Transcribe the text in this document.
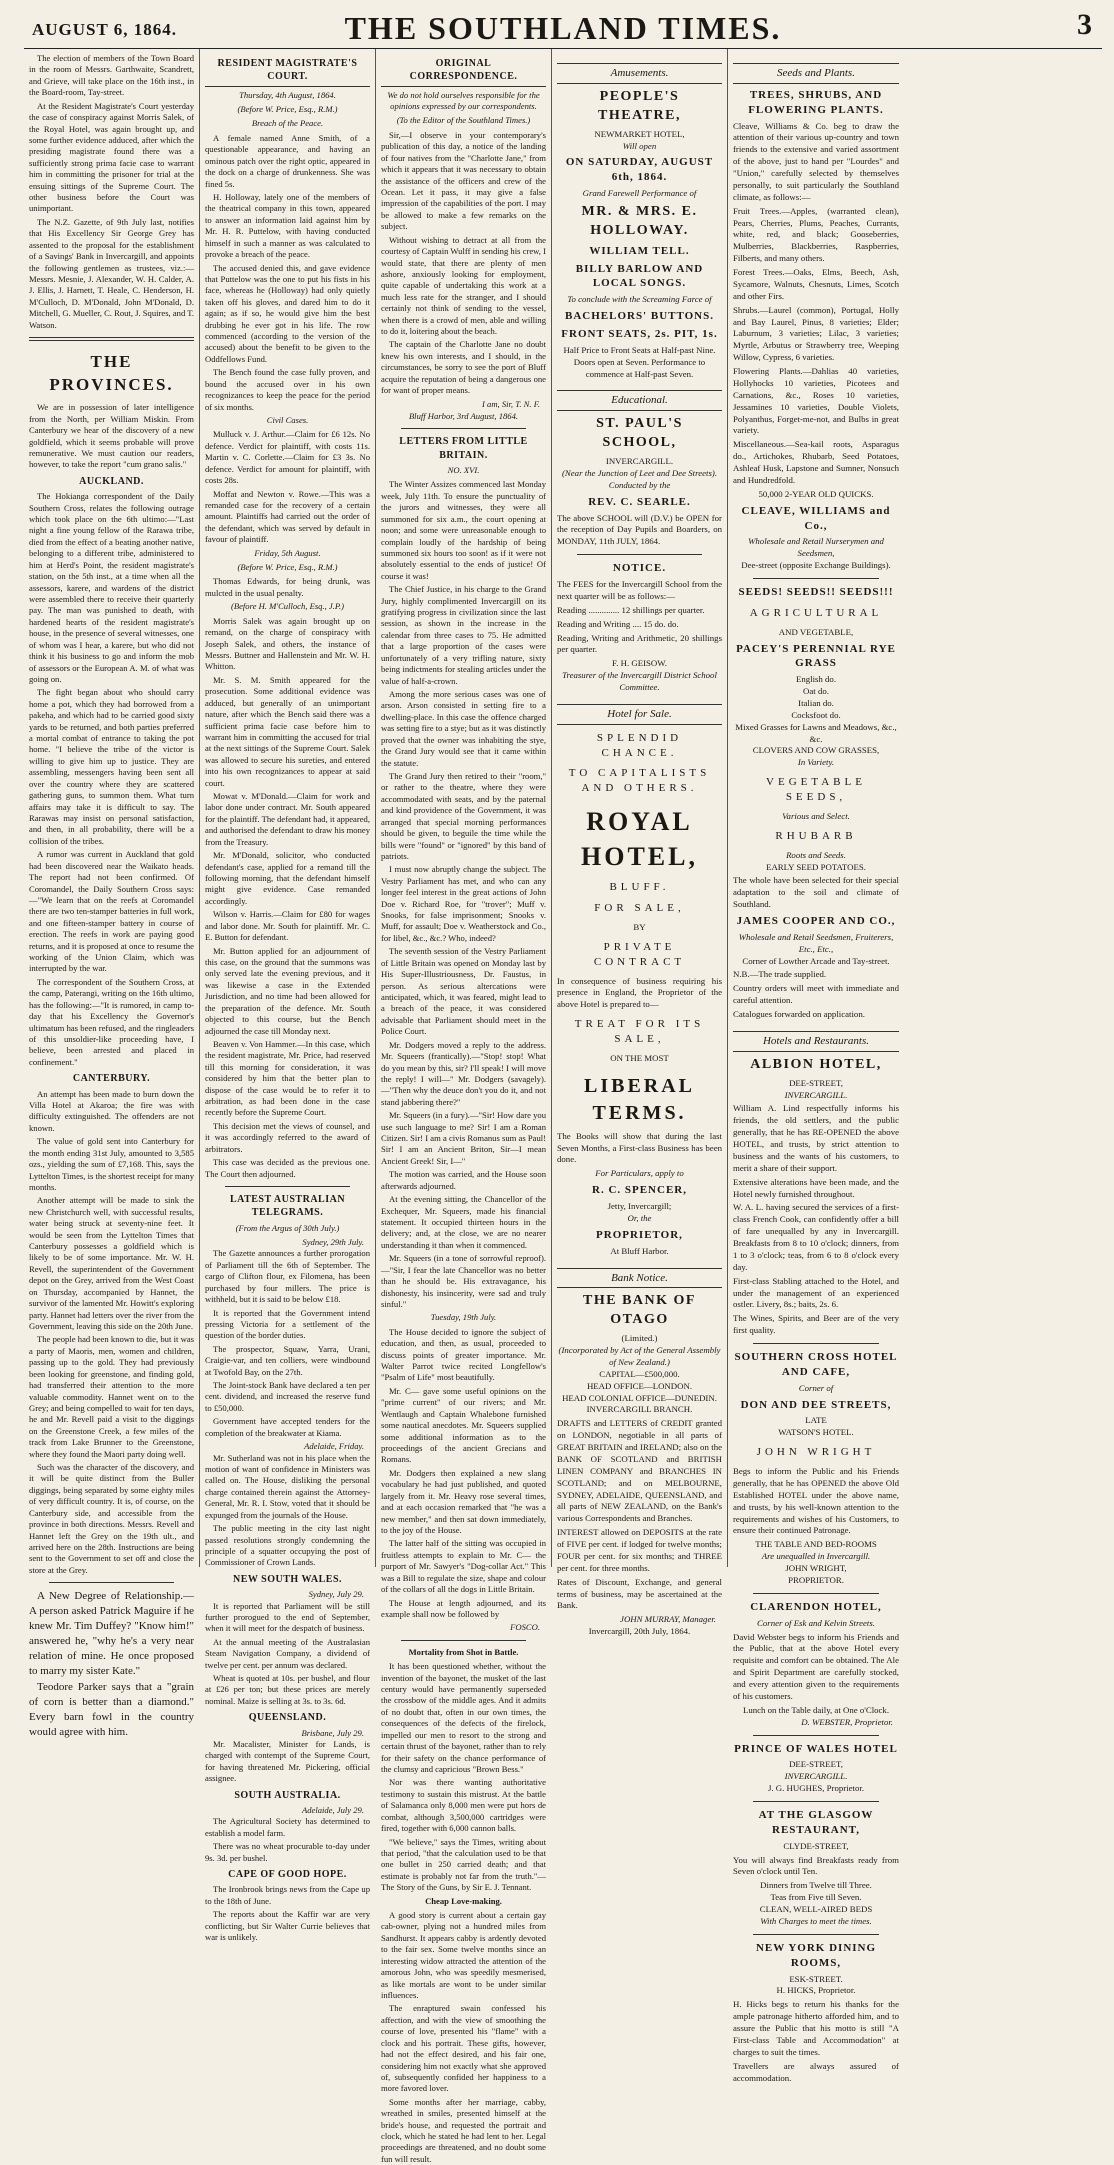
AUGUST 6, 1864.	THE SOUTHLAND TIMES.	3

The election of members of the Town Board in the room of Messrs. Garthwaite, Scandrett, and Grieve, will take place on the 16th inst., in the Board-room, Tay-street.

At the Resident Magistrate's Court yesterday the case of conspiracy against Morris Salek, of the Royal Hotel, was again brought up, and some further evidence adduced, after which the presiding magistrate found there was a sufficiently strong prima facie case to warrant him in committing the prisoner for trial at the ensuing sittings of the Supreme Court. The other business before the Court was unimportant.

The N.Z. Gazette, of 9th July last, notifies that His Excellency Sir George Grey has assented to the proposal for the establishment of a Savings' Bank in Invercargill, and appoints the following gentlemen as trustees, viz.:—Messrs. Mesnie, J. Alexander, W. H. Calder, A. J. Ellis, J. Harnett, T. Heale, C. Henderson, H. M'Culloch, D. M'Donald, John M'Donald, D. Mitchell, G. Mueller, C. Rout, J. Squires, and T. Watson.

THE PROVINCES.

We are in possession of later intelligence from the North, per William Miskin. From Canterbury we hear of the discovery of a new goldfield, which it seems probable will prove remunerative. We must caution our readers, however, to take the report "cum grano salis."

AUCKLAND.

The Hokianga correspondent of the Daily Southern Cross, relates the following outrage which took place on the 6th ultimo:—"Last night a fine young fellow of the Rarawa tribe, died from the effect of a beating another native, belonging to a different tribe, administered to him at Herd's Point, the resident magistrate's station, on the 5th inst., at a time when all the assessors, karere, and wardens of the district were assembled there to receive their quarterly pay. The man was punished to death, with hardened hearts of the resident magistrate's house, in the presence of several witnesses, one of whom was I hear, a karere, but who did not think it his business to go and inform the mob of assessors or the European A. M. of what was going on.

The fight began about who should carry home a pot, which they had borrowed from a pakeha, and which had to be carried good sixty yards to be returned, and both parties preferred a mortal combat of entrance to taking the pot home. "I believe the tribe of the victor is willing to give him up to justice. They are assembling, messengers having been sent all over the country where they are scattered gathering guns, to summon them. What turn affairs may take it is difficult to say. The Rarawas may insist on personal satisfaction, and then, in all probability, there will be a collision of the tribes.

A rumor was current in Auckland that gold had been discovered near the Waikato heads. The report had not been confirmed. Of Coromandel, the Daily Southern Cross says:—"We learn that on the reefs at Coromandel there are two ten-stamper batteries in full work, and one fifteen-stamper battery in course of erection. The reefs in work are paying good returns, and it is proposed at once to resume the working of the Union Claim, which was interrupted by the war.

The correspondent of the Southern Cross, at the camp, Paterangi, writing on the 16th ultimo, has the following:—"It is rumored, in camp to-day that his Excellency the Governor's ultimatum has been refused, and the ringleaders of this unsoldier-like proceeding have, I believe, been arrested and placed in confinement."

CANTERBURY.

An attempt has been made to burn down the Villa Hotel at Akaroa; the fire was with difficulty extinguished. The offenders are not known.

The value of gold sent into Canterbury for the month ending 31st July, amounted to 3,585 ozs., yielding the sum of £7,168. This, says the Lyttelton Times, is the shortest receipt for many months.

Another attempt will be made to sink the new Christchurch well, with successful results, water being struck at seventy-nine feet. It would be seen from the Lyttelton Times that Canterbury possesses a goldfield which is likely to be of some importance. Mr. W. H. Revell, the superintendent of the Government depot on the Grey, arrived from the West Coast on Thursday, accompanied by Hannet, the survivor of the lamented Mr. Howitt's exploring party. Hannet had letters over the river from the Government, leaving this side on the 20th June.

The people had been known to die, but it was a party of Maoris, men, women and children, passing up to the gold. They had previously been looking for greenstone, and finding gold, had transferred their attention to the more valuable commodity. Hannet went on to the Grey; and being compelled to wait for ten days, he and Mr. Revell paid a visit to the diggings on the Greenstone Creek, a few miles of the track from Lake Brunner to the Greenstone, where they found the Maori party doing well.

Such was the character of the discovery, and it will be quite distinct from the Buller diggings, being separated by some eighty miles of very difficult country. It is, of course, on the Canterbury side, and accessible from the province in both directions. Messrs. Revell and Hannet left the Grey on the 19th ult., and arrived here on the 28th. Instructions are being sent to the Government to set off and close the store at the Grey.

A New Degree of Relationship.—A person asked Patrick Maguire if he knew Mr. Tim Duffey? "Know him!" answered he, "why he's a very near relation of mine. He once proposed to marry my sister Kate."

Teodore Parker says that a "grain of corn is better than a diamond." Every barn fowl in the country would agree with him.

RESIDENT MAGISTRATE'S COURT.
Thursday, 4th August, 1864.
(Before W. Price, Esq., R.M.)
Breach of the Peace.

A female named Anne Smith, of a questionable appearance, and having an ominous patch over the right optic, appeared in the dock on a charge of drunkenness. She was fined 5s.

H. Holloway, lately one of the members of the theatrical company in this town, appeared to answer an information laid against him by Mr. H. R. Puttelow, with having conducted himself in such a manner as was calculated to provoke a breach of the peace.

The accused denied this, and gave evidence that Puttelow was the one to put his fists in his face, whereas he (Holloway) had only quietly taken off his gloves, and dared him to do it again; as if so, he would give him the best drubbing he ever got in his life. The row commenced (according to the version of the accused) about the benefit to be given to the Oddfellows Fund.

The Bench found the case fully proven, and bound the accused over in his own recognizances to keep the peace for the period of six months.

Civil Cases.

Mulluck v. J. Arthur.—Claim for £6 12s. No defence. Verdict for plaintiff, with costs 11s. Martin v. C. Corlette.—Claim for £3 3s. No defence. Verdict for amount for plaintiff, with costs 28s.

Moffat and Newton v. Rowe.—This was a remanded case for the recovery of a certain amount. Plaintiffs had carried out the order of the defendant, which was served by default in favour of plaintiff.

Friday, 5th August.
(Before W. Price, Esq., R.M.)

Thomas Edwards, for being drunk, was mulcted in the usual penalty.

(Before H. M'Culloch, Esq., J.P.)

Morris Salek was again brought up on remand, on the charge of conspiracy with Joseph Salek, and others, the instance of Messrs. Buttner and Hallenstein and Mr. W. H. Whitton.

Mr. S. M. Smith appeared for the prosecution. Some additional evidence was adduced, but generally of an unimportant nature, after which the Bench said there was a sufficient prima facie case before him to warrant him in committing the accused for trial at the next sittings of the Supreme Court. Salek was allowed to secure his sureties, and entered into his own recognizances to appear at said court.

Mowat v. M'Donald.—Claim for work and labor done under contract. Mr. South appeared for the plaintiff. The defendant had, it appeared, and authorised the defendant to draw his money from the Treasury.

Mr. M'Donald, solicitor, who conducted defendant's case, applied for a remand till the following morning, that the defendant himself might give evidence. Case remanded accordingly.

Wilson v. Harris.—Claim for £80 for wages and labor done. Mr. South for plaintiff. Mr. C. E. Button for defendant.

Mr. Button applied for an adjournment of this case, on the ground that the summons was only served late the evening previous, and it was likewise a case in the Extended Jurisdiction, and no time had been allowed for the preparation of the defence. Mr. South objected to this course, but the Bench adjourned the case till Monday next.

Beaven v. Von Hammer.—In this case, which the resident magistrate, Mr. Price, had reserved till this morning for consideration, it was considered by him that the better plan to dispose of the case would be to refer it to arbitration, as had been done in the case recently before the Supreme Court.

This decision met the views of counsel, and it was accordingly referred to the award of arbitrators.

This case was decided as the previous one. The Court then adjourned.

LATEST AUSTRALIAN TELEGRAMS.
(From the Argus of 30th July.)
Sydney, 29th July.

The Gazette announces a further prorogation of Parliament till the 6th of September. The cargo of Clifton flour, ex Filomena, has been purchased by four millers. The price is withheld, but it is said to be below £18.

It is reported that the Government intend pressing Victoria for a settlement of the question of the border duties.

The prospector, Squaw, Yarra, Urani, Craigie-var, and ten colliers, were windbound at Twofold Bay, on the 27th.

The Joint-stock Bank have declared a ten per cent. dividend, and increased the reserve fund to £50,000.

Government have accepted tenders for the completion of the breakwater at Kiama.

Adelaide, Friday.

Mr. Sutherland was not in his place when the motion of want of confidence in Ministers was called on. The House, disliking the personal charge contained therein against the Attorney-General, Mr. R. I. Stow, voted that it should be expunged from the journals of the House.

The public meeting in the city last night passed resolutions strongly condemning the principle of a squatter occupying the post of Commissioner of Crown Lands.

NEW SOUTH WALES.
Sydney, July 29.

It is reported that Parliament will be still further prorogued to the end of September, when it will meet for the despatch of business.

At the annual meeting of the Australasian Steam Navigation Company, a dividend of twelve per cent. per annum was declared.

Wheat is quoted at 10s. per bushel, and flour at £26 per ton; but these prices are merely nominal. Maize is selling at 3s. to 3s. 6d.

QUEENSLAND.
Brisbane, July 29.

Mr. Macalister, Minister for Lands, is charged with contempt of the Supreme Court, for having threatened Mr. Pickering, official assignee.

SOUTH AUSTRALIA.
Adelaide, July 29.

The Agricultural Society has determined to establish a model farm.

There was no wheat procurable to-day under 9s. 3d. per bushel.

CAPE OF GOOD HOPE.

The Ironbrook brings news from the Cape up to the 18th of June.

The reports about the Kaffir war are very conflicting, but Sir Walter Currie believes that war is unlikely.

ORIGINAL CORRESPONDENCE.
We do not hold ourselves responsible for the opinions expressed by our correspondents.
(To the Editor of the Southland Times.)

Sir,—I observe in your contemporary's publication of this day, a notice of the landing of four natives from the "Charlotte Jane," from which it appears that it was necessary to obtain the assistance of the officers and crew of the Ocean. Let it pass, it may give a false impression of the capabilities of the port. I may be allowed to make a few remarks on the subject.

Without wishing to detract at all from the courtesy of Captain Wulff in sending his crew, I would state, that there are plenty of men ashore, anxiously looking for employment, quite capable of undertaking this work at a much less rate for the stranger, and I should certainly not think of sending to the vessel, when there is a crowd of men, able and willing to do it, loitering about the beach.

The captain of the Charlotte Jane no doubt knew his own interests, and I should, in the circumstances, be sorry to see the port of Bluff acquire the reputation of being a dangerous one for want of proper means.

I am, Sir, T. N. F.
Bluff Harbor, 3rd August, 1864.
LETTERS FROM LITTLE BRITAIN.
NO. XVI.

The Winter Assizes commenced last Monday week, July 11th. To ensure the punctuality of the jurors and witnesses, they were all summoned for six a.m., the court opening at noon; and some were unreasonable enough to complain loudly of the hardship of being summoned six hours too soon! as if it were not absolutely essential to the ends of justice! Of course it was!

The Chief Justice, in his charge to the Grand Jury, highly complimented Invercargill on its gratifying progress in civilization since the last session, as shown in the increase in the calendar from three cases to 75. He admitted that a large proportion of the cases were unfortunately of a very trifling nature, sixty being indictments for stealing articles under the value of half-a-crown.

Among the more serious cases was one of arson. Arson consisted in setting fire to a dwelling-place. In this case the offence charged was setting fire to a stye; but as it was distinctly proved that the owner was inhabiting the stye, the Grand Jury would see that it came within the statute.

The Grand Jury then retired to their "room," or rather to the theatre, where they were accommodated with seats, and by the paternal and kind providence of the Government, it was arranged that special morning performances should be given, to beguile the time while the bills were "found" or "ignored" by this band of patriots.

I must now abruptly change the subject. The Vestry Parliament has met, and who can any longer feel interest in the great actions of John Doe v. Richard Roe, for "trover"; Muff v. Snooks, for false imprisonment; Snooks v. Muff, for assault; Doe v. Weatherstock and Co., for libel, &c., &c.? Who, indeed?

The seventh session of the Vestry Parliament of Little Britain was opened on Monday last by His Super-Illustriousness, Dr. Faustus, in person. As serious altercations were anticipated, which, it was feared, might lead to a breach of the peace, it was considered advisable that Parliament should meet in the Police Court.

Mr. Dodgers moved a reply to the address. Mr. Squeers (frantically).—"Stop! stop! What do you mean by this, sir? I'll speak! I will move the reply! I will—" Mr. Dodgers (savagely).—"Then why the deuce don't you do it, and not stand jabbering there?"

Mr. Squeers (in a fury).—"Sir! How dare you use such language to me? Sir! I am a Roman Citizen. Sir! I am a civis Romanus sum as Paul! Sir! I am an Ancient Briton, Sir—I mean Ancient Greek! Sir, I—"

The motion was carried, and the House soon afterwards adjourned.

At the evening sitting, the Chancellor of the Exchequer, Mr. Squeers, made his financial statement. It occupied thirteen hours in the delivery; and, at the close, we are no nearer understanding it than when it commenced.

Mr. Squeers (in a tone of sorrowful reproof).—"Sir, I fear the late Chancellor was no better than he should be. His extravagance, his dishonesty, his insincerity, were sad and truly sinful."

Tuesday, 19th July.

The House decided to ignore the subject of education, and then, as usual, proceeded to discuss points of greater importance. Mr. Walter Parrot twice recited Longfellow's "Psalm of Life" most beautifully.

Mr. C— gave some useful opinions on the "prime current" of our rivers; and Mr. Wentlaugh and Captain Whalebone furnished some nautical anecdotes. Mr. Squeers supplied some additional information as to the proceedings of the ancient Grecians and Romans.

Mr. Dodgers then explained a new slang vocabulary he had just published, and quoted largely from it. Mr. Heavy rose several times, and at each occasion remarked that "he was a new member," and then sat down immediately, to the joy of the House.

The latter half of the sitting was occupied in fruitless attempts to explain to Mr. C— the purport of Mr. Sawyer's "Dog-collar Act." This was a Bill to regulate the size, shape and colour of the collars of all the dogs in Little Britain.

The House at length adjourned, and its example shall now be followed by

FOSCO.
Mortality from Shot in Battle.

It has been questioned whether, without the invention of the bayonet, the musket of the last century would have permanently superseded the crossbow of the middle ages. And it admits of no doubt that, often in our own times, the consequences of the defects of the firelock, impelled our men to resort to the strong and certain thrust of the bayonet, rather than to rely for their safety on the chance performance of the clumsy and capricious "Brown Bess."

Nor was there wanting authoritative testimony to sustain this mistrust. At the battle of Salamanca only 8,000 men were put hors de combat, although 3,500,000 cartridges were fired, together with 6,000 cannon balls.

"We believe," says the Times, writing about that period, "that the calculation used to be that one bullet in 250 carried death; and that estimate is probably not far from the truth."—The Story of the Guns, by Sir E. J. Tennant.

Cheap Love-making.

A good story is current about a certain gay cab-owner, plying not a hundred miles from Sandhurst. It appears cabby is ardently devoted to the fair sex. Some twelve months since an interesting widow attracted the attention of the amorous John, who was speedily mesmerised, as like mortals are wont to be under similar influences.

The enraptured swain confessed his affection, and with the view of smoothing the course of love, presented his "flame" with a clock and his portrait. These gifts, however, had not the effect desired, and his fair one, considering him not exactly what she approved of, subsequently confided her happiness to a more favored lover.

Some months after her marriage, cabby, wreathed in smiles, presented himself at the bride's house, and requested the portrait and clock, which he stated he had lent to her. Legal proceedings are threatened, and no doubt some fun will result.

Amusements.
PEOPLE'S THEATRE,
NEWMARKET HOTEL,
Will open
ON SATURDAY, AUGUST 6th, 1864.
Grand Farewell Performance of
MR. & MRS. E. HOLLOWAY.
WILLIAM TELL.
BILLY BARLOW AND LOCAL SONGS.
To conclude with the Screaming Farce of
BACHELORS' BUTTONS.
FRONT SEATS, 2s. PIT, 1s.
Half Price to Front Seats at Half-past Nine.
Doors open at Seven. Performance to commence at Half-past Seven.
Educational.
ST. PAUL'S SCHOOL,
INVERCARGILL.
(Near the Junction of Leet and Dee Streets).
Conducted by the
REV. C. SEARLE.

The above SCHOOL will (D.V.) be OPEN for the reception of Day Pupils and Boarders, on MONDAY, 11th JULY, 1864.

NOTICE.

The FEES for the Invercargill School from the next quarter will be as follows:—

Reading .............. 12 shillings per quarter.

Reading and Writing .... 15 do. do.

Reading, Writing and Arithmetic, 20 shillings per quarter.

F. H. GEISOW.
Treasurer of the Invercargill District School Committee.
Hotel for Sale.
SPLENDID CHANCE.
TO CAPITALISTS AND OTHERS.
ROYAL HOTEL,
BLUFF.
FOR SALE,
BY
PRIVATE CONTRACT

In consequence of business requiring his presence in England, the Proprietor of the above Hotel is prepared to—

TREAT FOR ITS SALE,
ON THE MOST
LIBERAL TERMS.

The Books will show that during the last Seven Months, a First-class Business has been done.

For Particulars, apply to
R. C. SPENCER,
Jetty, Invercargill;
Or, the
PROPRIETOR,
At Bluff Harbor.
Bank Notice.
THE BANK OF OTAGO
(Limited.)
(Incorporated by Act of the General Assembly of New Zealand.)
CAPITAL—£500,000.
HEAD OFFICE—LONDON.
HEAD COLONIAL OFFICE—DUNEDIN.
INVERCARGILL BRANCH.

DRAFTS and LETTERS of CREDIT granted on LONDON, negotiable in all parts of GREAT BRITAIN and IRELAND; also on the BANK OF SCOTLAND and BRITISH LINEN COMPANY and BRANCHES IN SCOTLAND; and on MELBOURNE, SYDNEY, ADELAIDE, QUEENSLAND, and all parts of NEW ZEALAND, on the Bank's various Correspondents and Branches.

INTEREST allowed on DEPOSITS at the rate of FIVE per cent. if lodged for twelve months; FOUR per cent. for six months; and THREE per cent. for three months.

Rates of Discount, Exchange, and general terms of business, may be ascertained at the Bank.

JOHN MURRAY, Manager.
Invercargill, 20th July, 1864.
Seeds and Plants.
TREES, SHRUBS, AND FLOWERING PLANTS.

Cleave, Williams & Co. beg to draw the attention of their various up-country and town friends to the extensive and varied assortment of the above, just to hand per "Lourdes" and "Union," carefully selected by themselves personally, to suit particularly the Southland climate, as follows:—

Fruit Trees.—Apples, (warranted clean), Pears, Cherries, Plums, Peaches, Currants, white, red, and black; Gooseberries, Mulberries, Blackberries, Raspberries, Filberts, and many others.

Forest Trees.—Oaks, Elms, Beech, Ash, Sycamore, Walnuts, Chesnuts, Limes, Scotch and other Firs.

Shrubs.—Laurel (common), Portugal, Holly and Bay Laurel, Pinus, 8 varieties; Elder; Laburnum, 3 varieties; Lilac, 3 varieties; Myrtle, Arbutus or Strawberry tree, Weeping Willow, Cypress, 6 varieties.

Flowering Plants.—Dahlias 40 varieties, Hollyhocks 10 varieties, Picotees and Carnations, &c., Roses 10 varieties, Jessamines 10 varieties, Double Violets, Polyanthus, Forget-me-not, and Bulbs in great variety.

Miscellaneous.—Sea-kail roots, Asparagus do., Artichokes, Rhubarb, Seed Potatoes, Ashleaf Husk, Lapstone and Sumner, Nonsuch and Hundredfold.

50,000 2-YEAR OLD QUICKS.
CLEAVE, WILLIAMS and Co.,
Wholesale and Retail Nurserymen and Seedsmen,
Dee-street (opposite Exchange Buildings).
SEEDS! SEEDS!! SEEDS!!!
AGRICULTURAL
AND VEGETABLE,
PACEY'S PERENNIAL RYE GRASS
English do.
Oat do.
Italian do.
Cocksfoot do.
Mixed Grasses for Lawns and Meadows, &c., &c.
CLOVERS AND COW GRASSES,
In Variety.
VEGETABLE SEEDS,
Various and Select.
RHUBARB
Roots and Seeds.
EARLY SEED POTATOES.

The whole have been selected for their special adaptation to the soil and climate of Southland.

JAMES COOPER AND CO.,
Wholesale and Retail Seedsmen, Fruiterers, Etc., Etc.,
Corner of Lowther Arcade and Tay-street.

N.B.—The trade supplied.

Country orders will meet with immediate and careful attention.

Catalogues forwarded on application.

Hotels and Restaurants.
ALBION HOTEL,
DEE-STREET,
INVERCARGILL.

William A. Lind respectfully informs his friends, the old settlers, and the public generally, that he has RE-OPENED the above HOTEL, and trusts, by strict attention to business and the wants of his customers, to merit a share of their support.

Extensive alterations have been made, and the Hotel newly furnished throughout.

W. A. L. having secured the services of a first-class French Cook, can confidently offer a bill of fare unequalled by any in Invercargill. Breakfasts from 8 to 10 o'clock; dinners, from 1 to 3 o'clock; teas, from 6 to 8 o'clock every day.

First-class Stabling attached to the Hotel, and under the management of an experienced ostler. Livery, 8s.; baits, 2s. 6.

The Wines, Spirits, and Beer are of the very first quality.

SOUTHERN CROSS HOTEL AND CAFE,
Corner of
DON AND DEE STREETS,
LATE
WATSON'S HOTEL.
JOHN WRIGHT

Begs to inform the Public and his Friends generally, that he has OPENED the above Old Established HOTEL under the above name, and trusts, by his well-known attention to the requirements and wishes of his Customers, to ensure their continued Patronage.

THE TABLE AND BED-ROOMS
Are unequalled in Invercargill.
JOHN WRIGHT,
PROPRIETOR.
CLARENDON HOTEL,
Corner of Esk and Kelvin Streets.

David Webster begs to inform his Friends and the Public, that at the above Hotel every requisite and comfort can be obtained. The Ale and Spirit Department are carefully stocked, and every attention given to the requirements of his customers.

Lunch on the Table daily, at One o'Clock.
D. WEBSTER, Proprietor.
PRINCE OF WALES HOTEL
DEE-STREET,
INVERCARGILL.
J. G. HUGHES, Proprietor.
AT THE GLASGOW RESTAURANT,
CLYDE-STREET,

You will always find Breakfasts ready from Seven o'clock until Ten.

Dinners from Twelve till Three.
Teas from Five till Seven.
CLEAN, WELL-AIRED BEDS
With Charges to meet the times.
NEW YORK DINING ROOMS,
ESK-STREET.
H. HICKS, Proprietor.

H. Hicks begs to return his thanks for the ample patronage hitherto afforded him, and to assure the Public that his motto is still "A First-class Table and Accommodation" at charges to suit the times.

Travellers are always assured of accommodation.
